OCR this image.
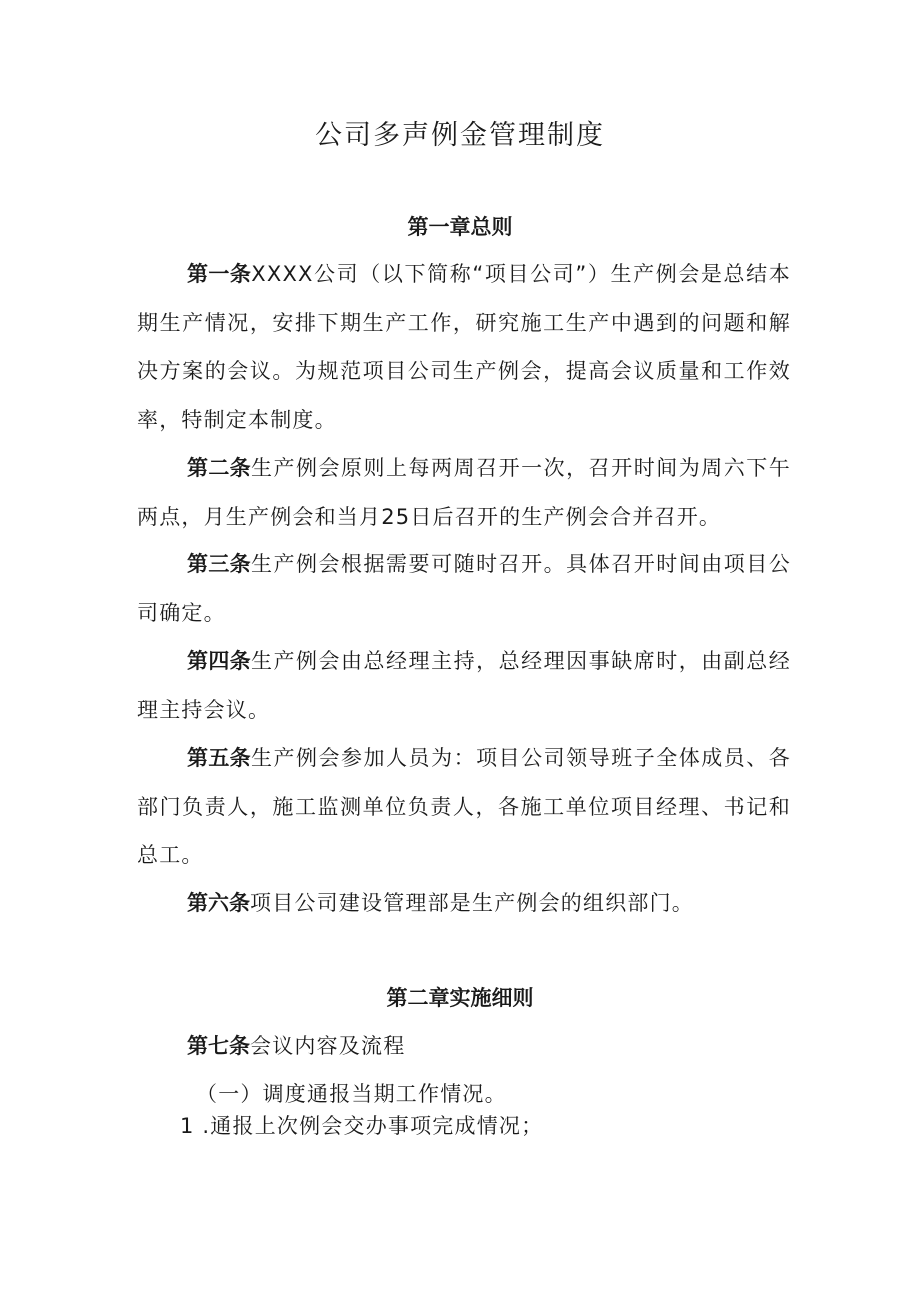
公司多声例金管理制度
第一章总则

第一条XXXX公司（以下简称“项目公司”）生产例会是总结本期生产情况，安排下期生产工作，研究施工生产中遇到的问题和解决方案的会议。为规范项目公司生产例会，提高会议质量和工作效率，特制定本制度。

第二条生产例会原则上每两周召开一次，召开时间为周六下午两点，月生产例会和当月25日后召开的生产例会合并召开。

第三条生产例会根据需要可随时召开。具体召开时间由项目公司确定。

第四条生产例会由总经理主持，总经理因事缺席时，由副总经理主持会议。

第五条生产例会参加人员为：项目公司领导班子全体成员、各部门负责人，施工监测单位负责人，各施工单位项目经理、书记和总工。

第六条项目公司建设管理部是生产例会的组织部门。

第二章实施细则

第七条会议内容及流程

（一）调度通报当期工作情况。

1 .通报上次例会交办事项完成情况；
